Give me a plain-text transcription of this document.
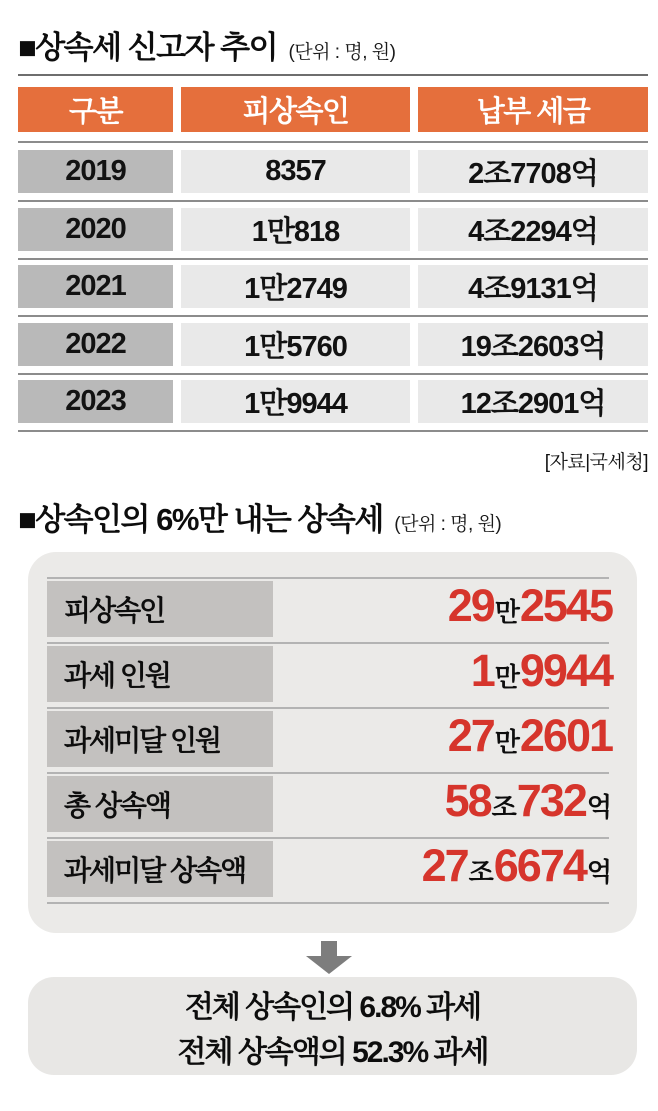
■상속세 신고자 추이 (단위 : 명, 원)
구분	피상속인	납부 세금
2019	8357	2조7708억
2020	1만818	4조2294억
2021	1만2749	4조9131억
2022	1만5760	19조2603억
2023	1만9944	12조2901억
[자료|국세청]
■상속인의 6%만 내는 상속세 (단위 : 명, 원)
피상속인	29 만 2545
과세 인원	1 만 9944
과세미달 인원	27 만 2601
총 상속액	58 조 732 억
과세미달 상속액	27 조 6674 억
전체 상속인의 6.8% 과세
전체 상속액의 52.3% 과세
